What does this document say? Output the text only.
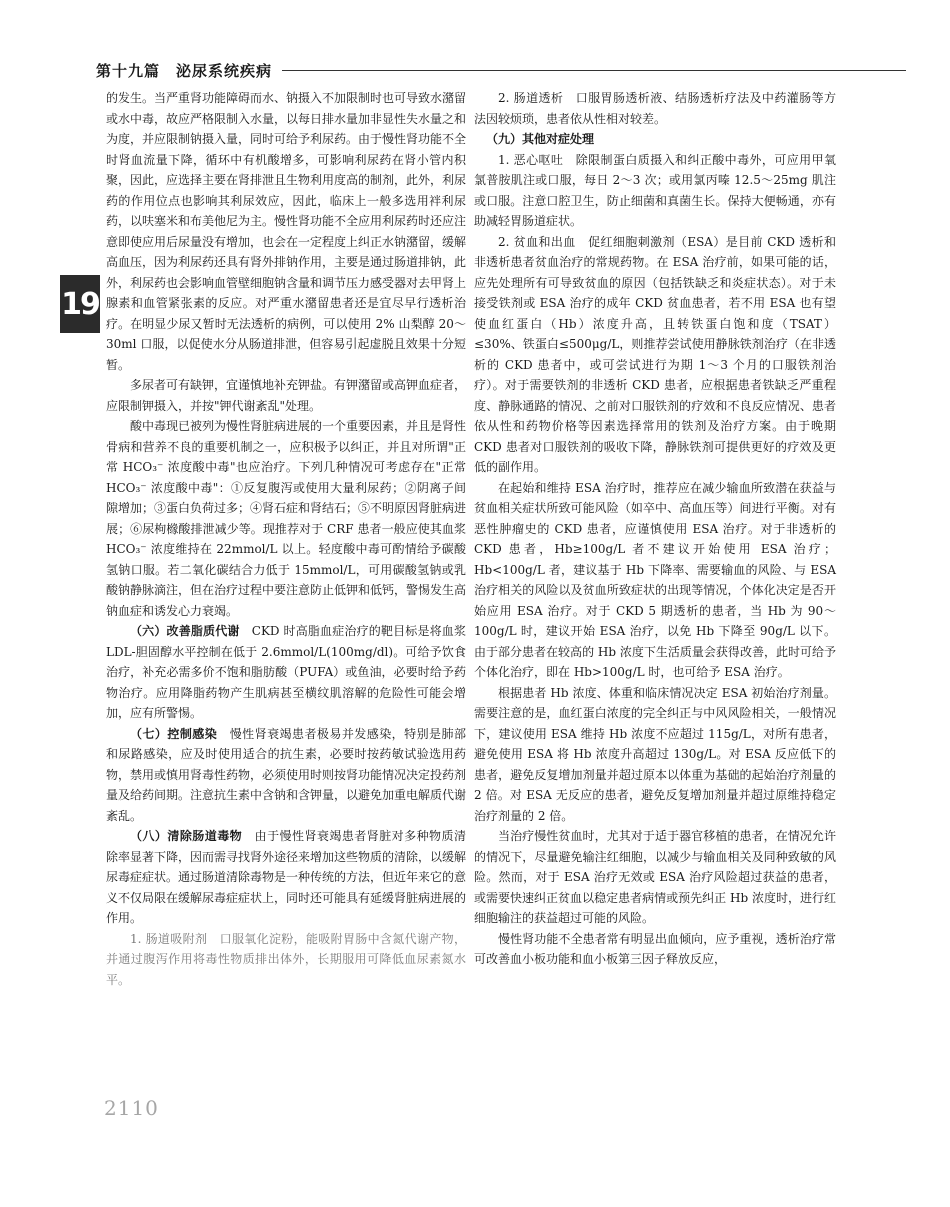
第十九篇　泌尿系统疾病
19

的发生。当严重肾功能障碍而水、钠摄入不加限制时也可导致水潴留或水中毒，故应严格限制入水量，以每日排水量加非显性失水量之和为度，并应限制钠摄入量，同时可给予利尿药。由于慢性肾功能不全时肾血流量下降，循环中有机酸增多，可影响利尿药在肾小管内积聚，因此，应选择主要在肾排泄且生物利用度高的制剂，此外，利尿药的作用位点也影响其利尿效应，因此，临床上一般多选用袢利尿药，以呋塞米和布美他尼为主。慢性肾功能不全应用利尿药时还应注意即使应用后尿量没有增加，也会在一定程度上纠正水钠潴留，缓解高血压，因为利尿药还具有肾外排钠作用，主要是通过肠道排钠，此外，利尿药也会影响血管壁细胞钠含量和调节压力感受器对去甲肾上腺素和血管紧张素的反应。对严重水潴留患者还是宜尽早行透析治疗。在明显少尿又暂时无法透析的病例，可以使用 2% 山梨醇 20～30ml 口服，以促使水分从肠道排泄，但容易引起虚脱且效果十分短暂。

多尿者可有缺钾，宜谨慎地补充钾盐。有钾潴留或高钾血症者，应限制钾摄入，并按"钾代谢紊乱"处理。

酸中毒现已被列为慢性肾脏病进展的一个重要因素，并且是肾性骨病和营养不良的重要机制之一，应积极予以纠正，并且对所谓"正常 HCO₃⁻ 浓度酸中毒"也应治疗。下列几种情况可考虑存在"正常 HCO₃⁻ 浓度酸中毒"：①反复腹泻或使用大量利尿药；②阴离子间隙增加；③蛋白负荷过多；④肾石症和肾结石；⑤不明原因肾脏病进展；⑥尿枸橼酸排泄减少等。现推荐对于 CRF 患者一般应使其血浆 HCO₃⁻ 浓度维持在 22mmol/L 以上。轻度酸中毒可酌情给予碳酸氢钠口服。若二氧化碳结合力低于 15mmol/L，可用碳酸氢钠或乳酸钠静脉滴注，但在治疗过程中要注意防止低钾和低钙，警惕发生高钠血症和诱发心力衰竭。

（六）改善脂质代谢　 CKD 时高脂血症治疗的靶目标是将血浆 LDL-胆固醇水平控制在低于 2.6mmol/L(100mg/dl)。可给予饮食治疗，补充必需多价不饱和脂肪酸（PUFA）或鱼油，必要时给予药物治疗。应用降脂药物产生肌病甚至横纹肌溶解的危险性可能会增加，应有所警惕。

（七）控制感染　 慢性肾衰竭患者极易并发感染，特别是肺部和尿路感染，应及时使用适合的抗生素，必要时按药敏试验选用药物，禁用或慎用肾毒性药物，必须使用时则按肾功能情况决定投药剂量及给药间期。注意抗生素中含钠和含钾量，以避免加重电解质代谢紊乱。

（八）清除肠道毒物　 由于慢性肾衰竭患者肾脏对多种物质清除率显著下降，因而需寻找肾外途径来增加这些物质的清除，以缓解尿毒症症状。通过肠道清除毒物是一种传统的方法，但近年来它的意义不仅局限在缓解尿毒症症状上，同时还可能具有延缓肾脏病进展的作用。

1. 肠道吸附剂　口服氧化淀粉，能吸附胃肠中含氮代谢产物，并通过腹泻作用将毒性物质排出体外，长期服用可降低血尿素氮水平。

2. 肠道透析　口服胃肠透析液、结肠透析疗法及中药灌肠等方法因较烦琐，患者依从性相对较差。

（九）其他对症处理

1. 恶心呕吐　除限制蛋白质摄入和纠正酸中毒外，可应用甲氧氯普胺肌注或口服，每日 2～3 次；或用氯丙嗪 12.5～25mg 肌注或口服。注意口腔卫生，防止细菌和真菌生长。保持大便畅通，亦有助减轻胃肠道症状。

2. 贫血和出血　促红细胞刺激剂（ESA）是目前 CKD 透析和非透析患者贫血治疗的常规药物。在 ESA 治疗前，如果可能的话，应先处理所有可导致贫血的原因（包括铁缺乏和炎症状态）。对于未接受铁剂或 ESA 治疗的成年 CKD 贫血患者，若不用 ESA 也有望使血红蛋白（Hb）浓度升高，且转铁蛋白饱和度（TSAT）≤30%、铁蛋白≤500μg/L，则推荐尝试使用静脉铁剂治疗（在非透析的 CKD 患者中，或可尝试进行为期 1～3 个月的口服铁剂治疗）。对于需要铁剂的非透析 CKD 患者，应根据患者铁缺乏严重程度、静脉通路的情况、之前对口服铁剂的疗效和不良反应情况、患者依从性和药物价格等因素选择常用的铁剂及治疗方案。由于晚期 CKD 患者对口服铁剂的吸收下降，静脉铁剂可提供更好的疗效及更低的副作用。

在起始和维持 ESA 治疗时，推荐应在减少输血所致潜在获益与贫血相关症状所致可能风险（如卒中、高血压等）间进行平衡。对有恶性肿瘤史的 CKD 患者，应谨慎使用 ESA 治疗。对于非透析的 CKD 患者，Hb≥100g/L 者不建议开始使用 ESA 治疗；Hb<100g/L 者，建议基于 Hb 下降率、需要输血的风险、与 ESA 治疗相关的风险以及贫血所致症状的出现等情况，个体化决定是否开始应用 ESA 治疗。对于 CKD 5 期透析的患者，当 Hb 为 90～100g/L 时，建议开始 ESA 治疗，以免 Hb 下降至 90g/L 以下。由于部分患者在较高的 Hb 浓度下生活质量会获得改善，此时可给予个体化治疗，即在 Hb>100g/L 时，也可给予 ESA 治疗。

根据患者 Hb 浓度、体重和临床情况决定 ESA 初始治疗剂量。需要注意的是，血红蛋白浓度的完全纠正与中风风险相关，一般情况下，建议使用 ESA 维持 Hb 浓度不应超过 115g/L，对所有患者，避免使用 ESA 将 Hb 浓度升高超过 130g/L。对 ESA 反应低下的患者，避免反复增加剂量并超过原本以体重为基础的起始治疗剂量的 2 倍。对 ESA 无反应的患者，避免反复增加剂量并超过原维持稳定治疗剂量的 2 倍。

当治疗慢性贫血时，尤其对于适于器官移植的患者，在情况允许的情况下，尽量避免输注红细胞，以减少与输血相关及同种致敏的风险。然而，对于 ESA 治疗无效或 ESA 治疗风险超过获益的患者，或需要快速纠正贫血以稳定患者病情或预先纠正 Hb 浓度时，进行红细胞输注的获益超过可能的风险。

慢性肾功能不全患者常有明显出血倾向，应予重视，透析治疗常可改善血小板功能和血小板第三因子释放反应，

2110
